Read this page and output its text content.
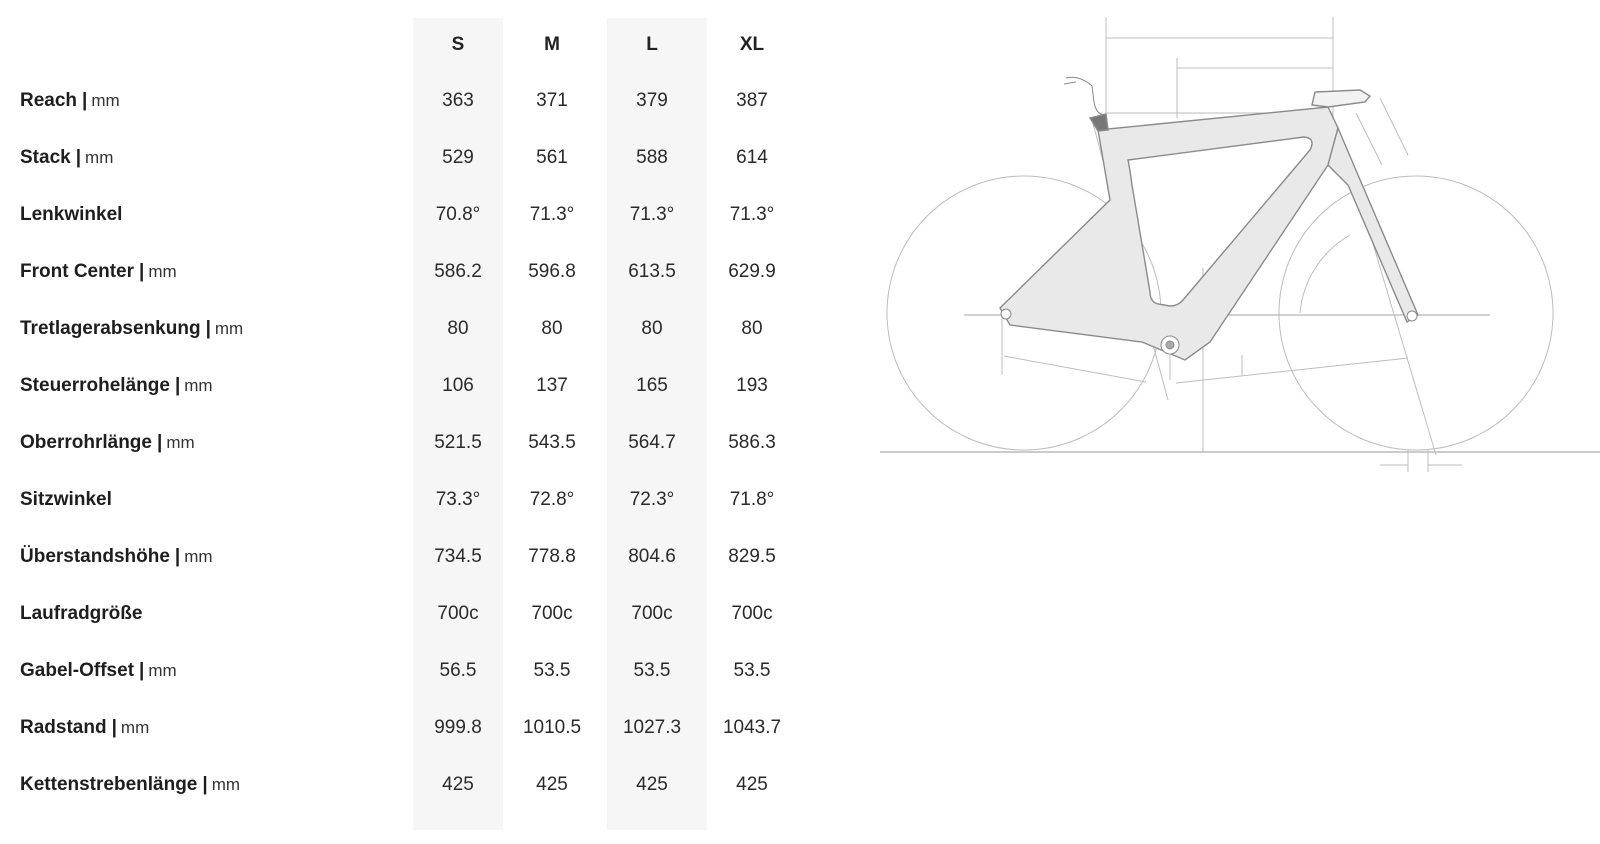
S	M	L	XL
Reach | mm	363	371	379	387
Stack | mm	529	561	588	614
Lenkwinkel	70.8°	71.3°	71.3°	71.3°
Front Center | mm	586.2	596.8	613.5	629.9
Tretlagerabsenkung | mm	80	80	80	80
Steuerrohelänge | mm	106	137	165	193
Oberrohrlänge | mm	521.5	543.5	564.7	586.3
Sitzwinkel	73.3°	72.8°	72.3°	71.8°
Überstandshöhe | mm	734.5	778.8	804.6	829.5
Laufradgröße	700c	700c	700c	700c
Gabel-Offset | mm	56.5	53.5	53.5	53.5
Radstand | mm	999.8	1010.5	1027.3	1043.7
Kettenstrebenlänge | mm	425	425	425	425
